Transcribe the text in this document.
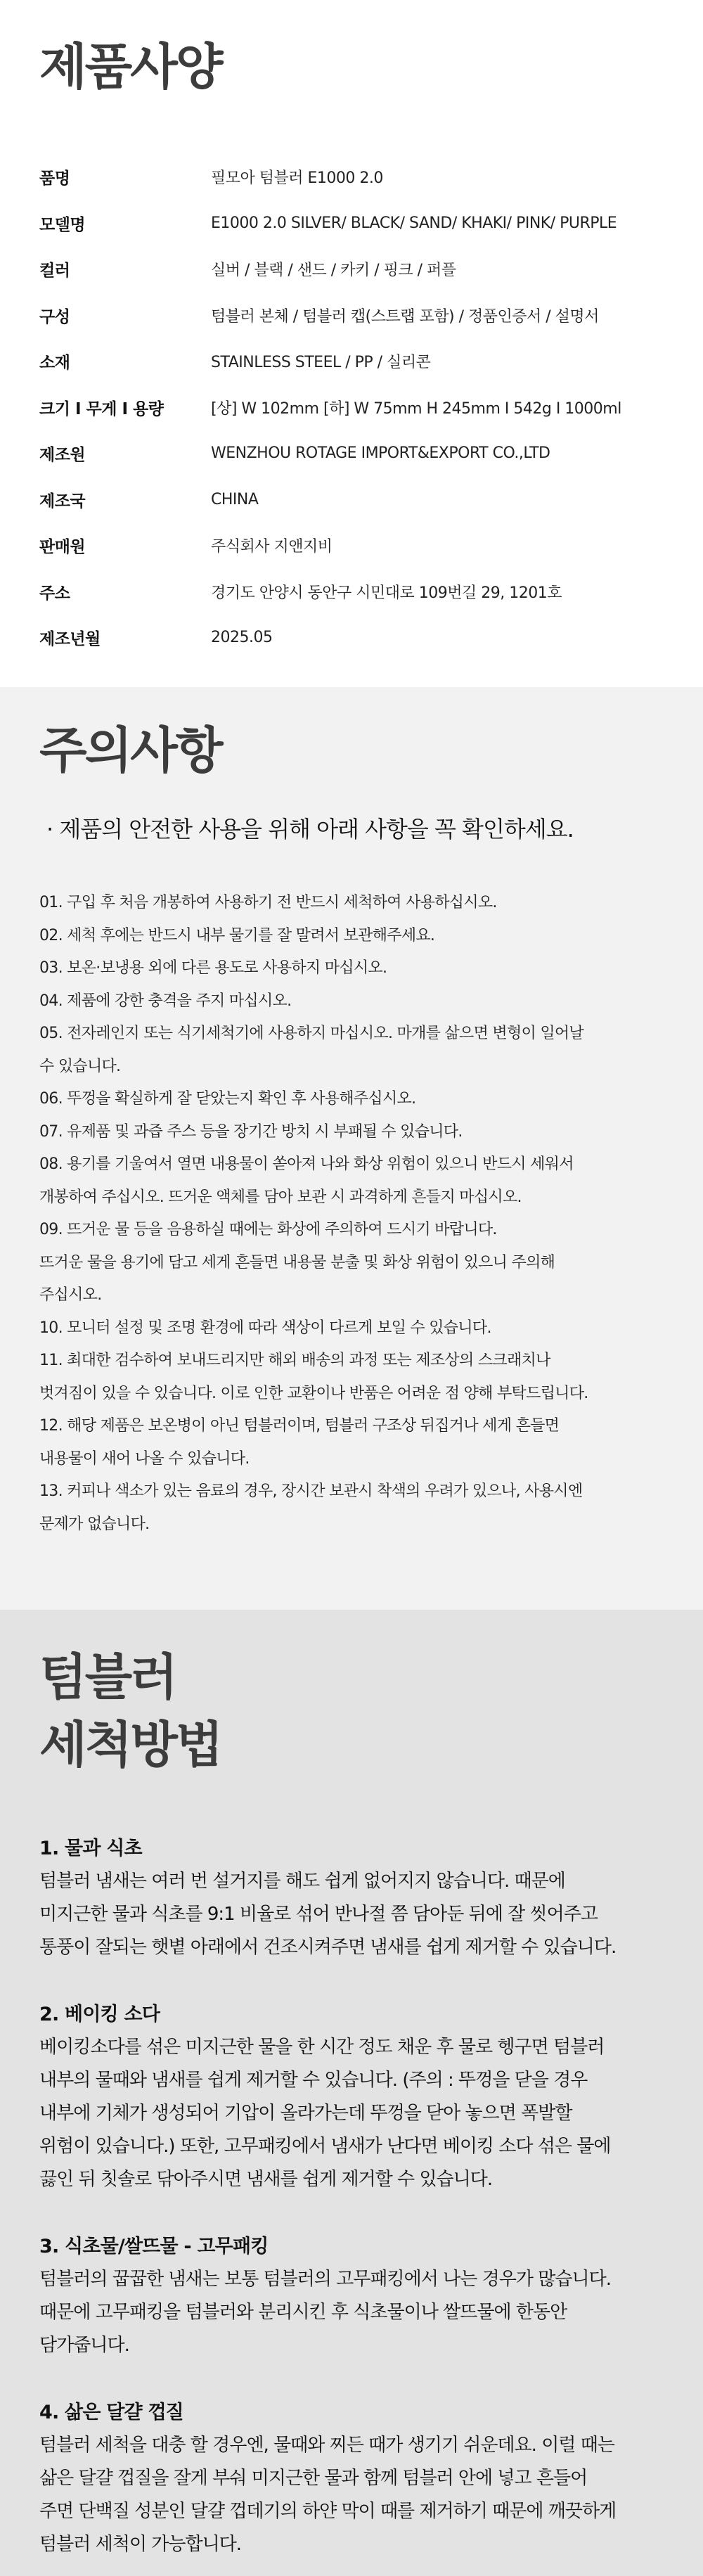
제품사양
품명	필모아 텀블러 E1000 2.0
모델명	E1000 2.0 SILVER/ BLACK/ SAND/ KHAKI/ PINK/ PURPLE
컬러	실버 / 블랙 / 샌드 / 카키 / 핑크 / 퍼플
구성	텀블러 본체 / 텀블러 캡(스트랩 포함) / 정품인증서 / 설명서
소재	STAINLESS STEEL / PP / 실리콘
크기 I 무게 I 용량	[상] W 102mm [하] W 75mm H 245mm I 542g I 1000ml
제조원	WENZHOU ROTAGE IMPORT&EXPORT CO.,LTD
제조국	CHINA
판매원	주식회사 지앤지비
주소	경기도 안양시 동안구 시민대로 109번길 29, 1201호
제조년월	2025.05
주의사항

· 제품의 안전한 사용을 위해 아래 사항을 꼭 확인하세요.

01. 구입 후 처음 개봉하여 사용하기 전 반드시 세척하여 사용하십시오.

02. 세척 후에는 반드시 내부 물기를 잘 말려서 보관해주세요.

03. 보온·보냉용 외에 다른 용도로 사용하지 마십시오.

04. 제품에 강한 충격을 주지 마십시오.

05. 전자레인지 또는 식기세척기에 사용하지 마십시오. 마개를 삶으면 변형이 일어날

수 있습니다.

06. 뚜껑을 확실하게 잘 닫았는지 확인 후 사용해주십시오.

07. 유제품 및 과즙 주스 등을 장기간 방치 시 부패될 수 있습니다.

08. 용기를 기울여서 열면 내용물이 쏟아져 나와 화상 위험이 있으니 반드시 세워서

개봉하여 주십시오. 뜨거운 액체를 담아 보관 시 과격하게 흔들지 마십시오.

09. 뜨거운 물 등을 음용하실 때에는 화상에 주의하여 드시기 바랍니다.

뜨거운 물을 용기에 담고 세게 흔들면 내용물 분출 및 화상 위험이 있으니 주의해

주십시오.

10. 모니터 설정 및 조명 환경에 따라 색상이 다르게 보일 수 있습니다.

11. 최대한 검수하여 보내드리지만 해외 배송의 과정 또는 제조상의 스크래치나

벗겨짐이 있을 수 있습니다. 이로 인한 교환이나 반품은 어려운 점 양해 부탁드립니다.

12. 해당 제품은 보온병이 아닌 텀블러이며, 텀블러 구조상 뒤집거나 세게 흔들면

내용물이 새어 나올 수 있습니다.

13. 커피나 색소가 있는 음료의 경우, 장시간 보관시 착색의 우려가 있으나, 사용시엔

문제가 없습니다.

텀블러
세척방법

1. 물과 식초

텀블러 냄새는 여러 번 설거지를 해도 쉽게 없어지지 않습니다. 때문에

미지근한 물과 식초를 9:1 비율로 섞어 반나절 쯤 담아둔 뒤에 잘 씻어주고

통풍이 잘되는 햇볕 아래에서 건조시켜주면 냄새를 쉽게 제거할 수 있습니다.

2. 베이킹 소다

베이킹소다를 섞은 미지근한 물을 한 시간 정도 채운 후 물로 헹구면 텀블러

내부의 물때와 냄새를 쉽게 제거할 수 있습니다. (주의 : 뚜껑을 닫을 경우

내부에 기체가 생성되어 기압이 올라가는데 뚜껑을 닫아 놓으면 폭발할

위험이 있습니다.) 또한, 고무패킹에서 냄새가 난다면 베이킹 소다 섞은 물에

끓인 뒤 칫솔로 닦아주시면 냄새를 쉽게 제거할 수 있습니다.

3. 식초물/쌀뜨물 - 고무패킹

텀블러의 꿉꿉한 냄새는 보통 텀블러의 고무패킹에서 나는 경우가 많습니다.

때문에 고무패킹을 텀블러와 분리시킨 후 식초물이나 쌀뜨물에 한동안

담가줍니다.

4. 삶은 달걀 껍질

텀블러 세척을 대충 할 경우엔, 물때와 찌든 때가 생기기 쉬운데요. 이럴 때는

삶은 달걀 껍질을 잘게 부숴 미지근한 물과 함께 텀블러 안에 넣고 흔들어

주면 단백질 성분인 달걀 껍데기의 하얀 막이 때를 제거하기 때문에 깨끗하게

텀블러 세척이 가능합니다.
